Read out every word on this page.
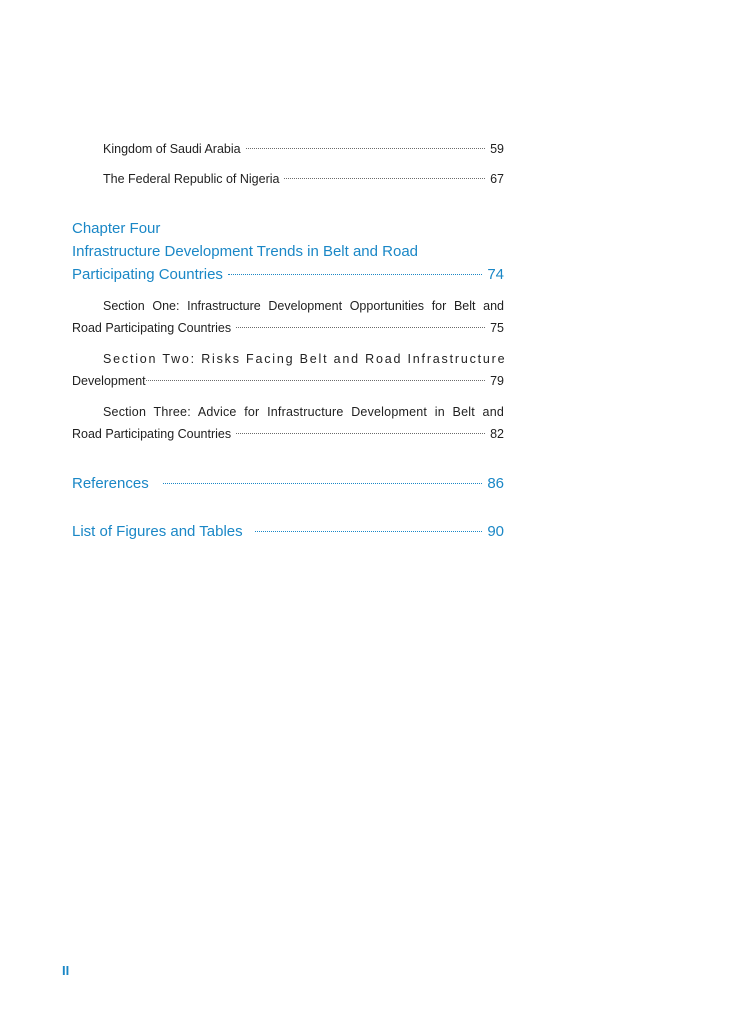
Kingdom of Saudi Arabia	59
The Federal Republic of Nigeria	67
Chapter Four
Infrastructure Development Trends in Belt and Road
Participating Countries	74
Section One: Infrastructure Development Opportunities for Belt and
Road Participating Countries	75
Section Two: Risks Facing Belt and Road Infrastructure
Development	79
Section Three: Advice for Infrastructure Development in Belt and
Road Participating Countries	82
References	86
List of Figures and Tables	90
II
